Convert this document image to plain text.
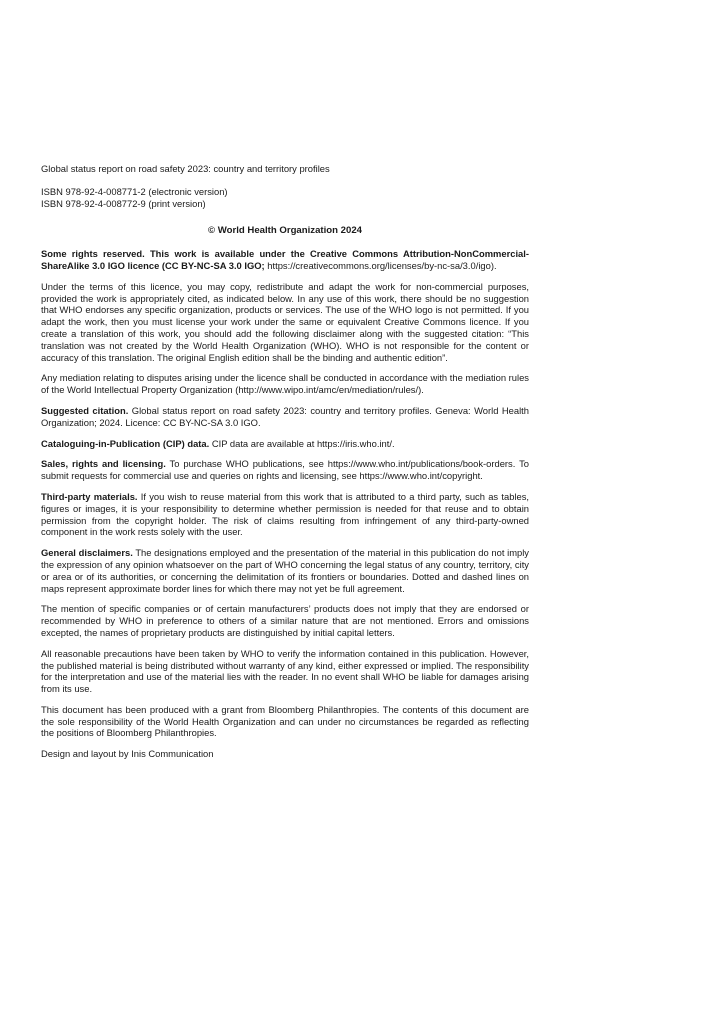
Global status report on road safety 2023: country and territory profiles
ISBN 978-92-4-008771-2 (electronic version)
ISBN 978-92-4-008772-9 (print version)
© World Health Organization 2024
Some rights reserved. This work is available under the Creative Commons Attribution-NonCommercial-ShareAlike 3.0 IGO licence (CC BY-NC-SA 3.0 IGO; https://creativecommons.org/licenses/by-nc-sa/3.0/igo).
Under the terms of this licence, you may copy, redistribute and adapt the work for non-commercial purposes, provided the work is appropriately cited, as indicated below. In any use of this work, there should be no suggestion that WHO endorses any specific organization, products or services. The use of the WHO logo is not permitted. If you adapt the work, then you must license your work under the same or equivalent Creative Commons licence. If you create a translation of this work, you should add the following disclaimer along with the suggested citation: “This translation was not created by the World Health Organization (WHO). WHO is not responsible for the content or accuracy of this translation. The original English edition shall be the binding and authentic edition”.
Any mediation relating to disputes arising under the licence shall be conducted in accordance with the mediation rules of the World Intellectual Property Organization (http://www.wipo.int/amc/en/mediation/rules/).
Suggested citation. Global status report on road safety 2023: country and territory profiles. Geneva: World Health Organization; 2024. Licence: CC BY-NC-SA 3.0 IGO.
Cataloguing-in-Publication (CIP) data. CIP data are available at https://iris.who.int/.
Sales, rights and licensing. To purchase WHO publications, see https://www.who.int/publications/book-orders. To submit requests for commercial use and queries on rights and licensing, see https://www.who.int/copyright.
Third-party materials. If you wish to reuse material from this work that is attributed to a third party, such as tables, figures or images, it is your responsibility to determine whether permission is needed for that reuse and to obtain permission from the copyright holder. The risk of claims resulting from infringement of any third-party-owned component in the work rests solely with the user.
General disclaimers. The designations employed and the presentation of the material in this publication do not imply the expression of any opinion whatsoever on the part of WHO concerning the legal status of any country, territory, city or area or of its authorities, or concerning the delimitation of its frontiers or boundaries. Dotted and dashed lines on maps represent approximate border lines for which there may not yet be full agreement.
The mention of specific companies or of certain manufacturers’ products does not imply that they are endorsed or recommended by WHO in preference to others of a similar nature that are not mentioned. Errors and omissions excepted, the names of proprietary products are distinguished by initial capital letters.
All reasonable precautions have been taken by WHO to verify the information contained in this publication. However, the published material is being distributed without warranty of any kind, either expressed or implied. The responsibility for the interpretation and use of the material lies with the reader. In no event shall WHO be liable for damages arising from its use.
This document has been produced with a grant from Bloomberg Philanthropies. The contents of this document are the sole responsibility of the World Health Organization and can under no circumstances be regarded as reflecting the positions of Bloomberg Philanthropies.
Design and layout by Inis Communication
